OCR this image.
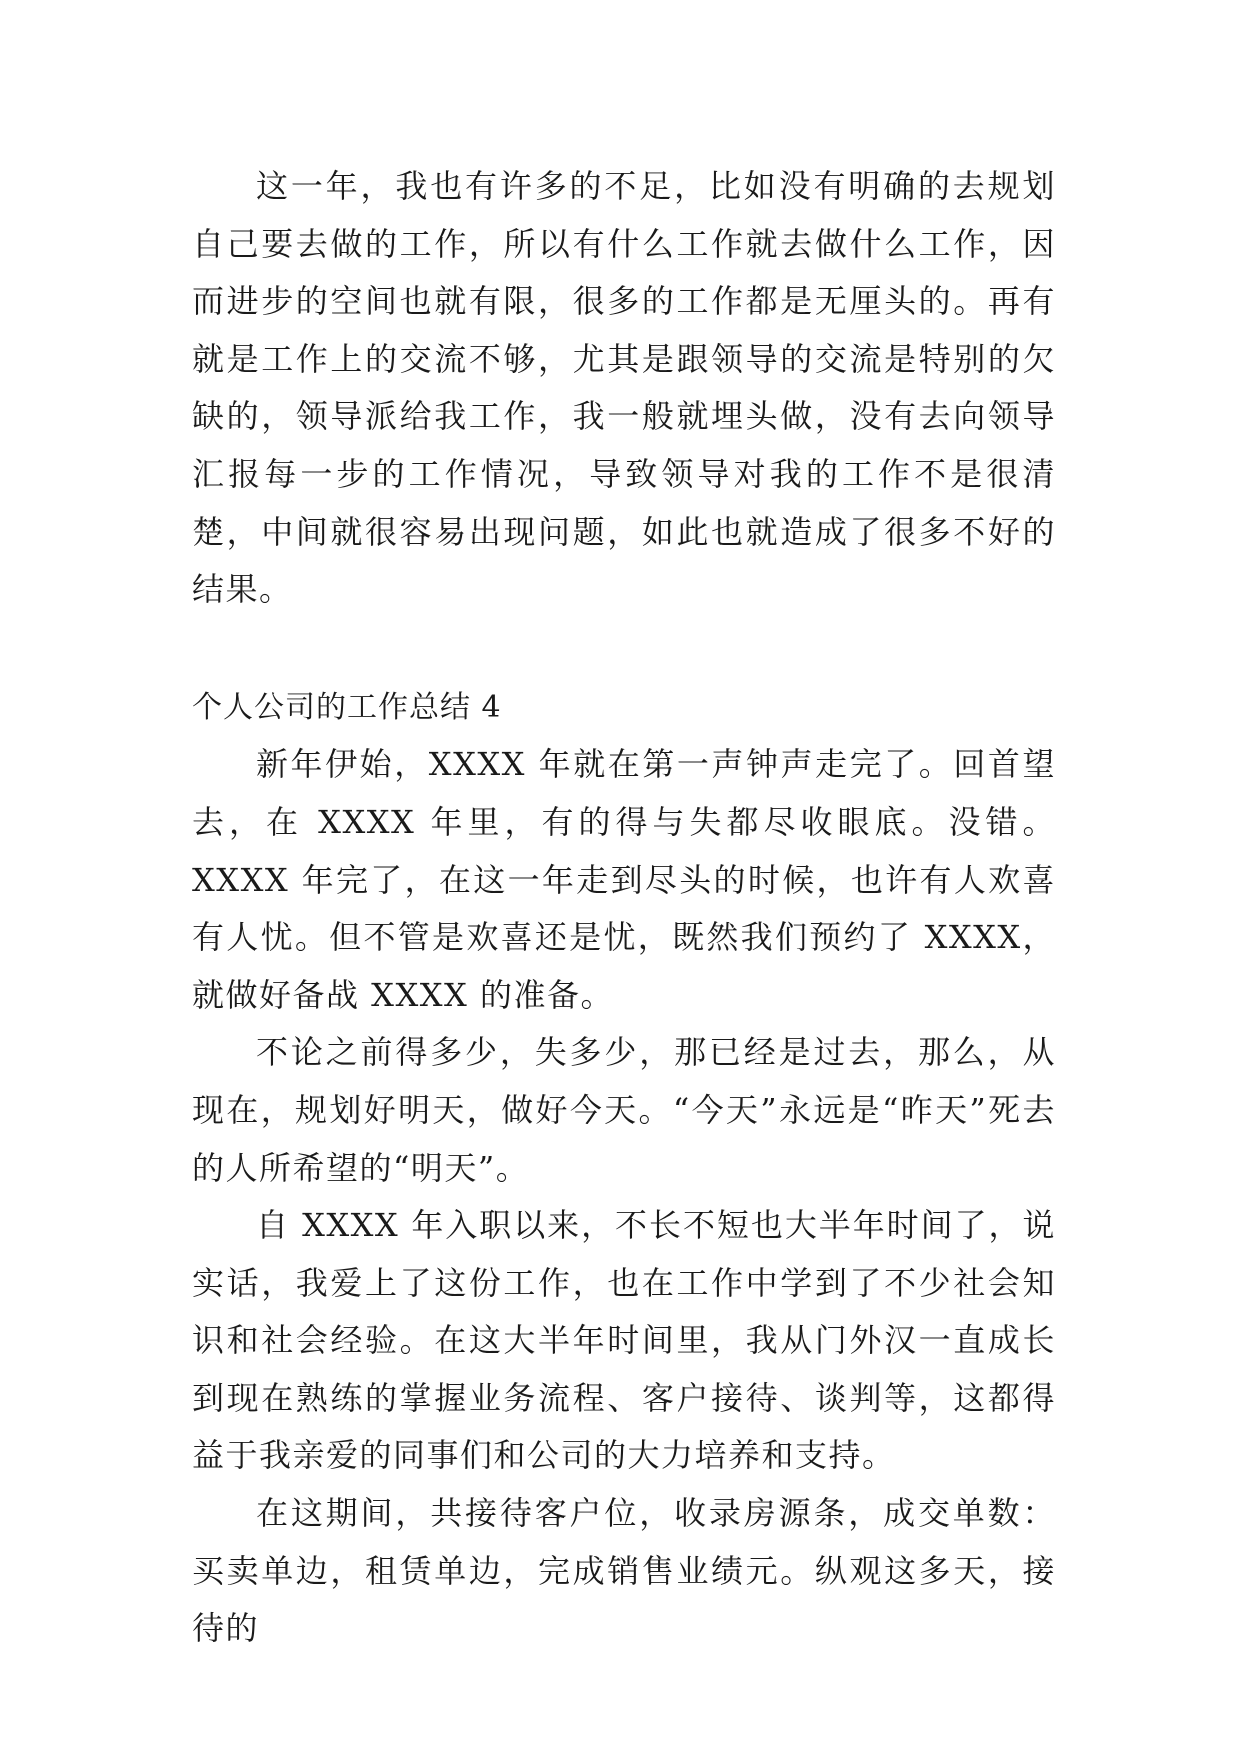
这一年，我也有许多的不足，比如没有明确的去规划自己要去做的工作，所以有什么工作就去做什么工作，因而进步的空间也就有限，很多的工作都是无厘头的。再有就是工作上的交流不够，尤其是跟领导的交流是特别的欠缺的，领导派给我工作，我一般就埋头做，没有去向领导汇报每一步的工作情况，导致领导对我的工作不是很清楚，中间就很容易出现问题，如此也就造成了很多不好的结果。

个人公司的工作总结 4

新年伊始，XXXX 年就在第一声钟声走完了。回首望去，在 XXXX 年里，有的得与失都尽收眼底。没错。XXXX 年完了，在这一年走到尽头的时候，也许有人欢喜有人忧。但不管是欢喜还是忧，既然我们预约了 XXXX，就做好备战 XXXX 的准备。

不论之前得多少，失多少，那已经是过去，那么，从现在，规划好明天，做好今天。“今天”永远是“昨天”死去的人所希望的“明天”。

自 XXXX 年入职以来，不长不短也大半年时间了，说实话，我爱上了这份工作，也在工作中学到了不少社会知识和社会经验。在这大半年时间里，我从门外汉一直成长到现在熟练的掌握业务流程、客户接待、谈判等，这都得益于我亲爱的同事们和公司的大力培养和支持。

在这期间，共接待客户位，收录房源条，成交单数：买卖单边，租赁单边，完成销售业绩元。纵观这多天，接待的
